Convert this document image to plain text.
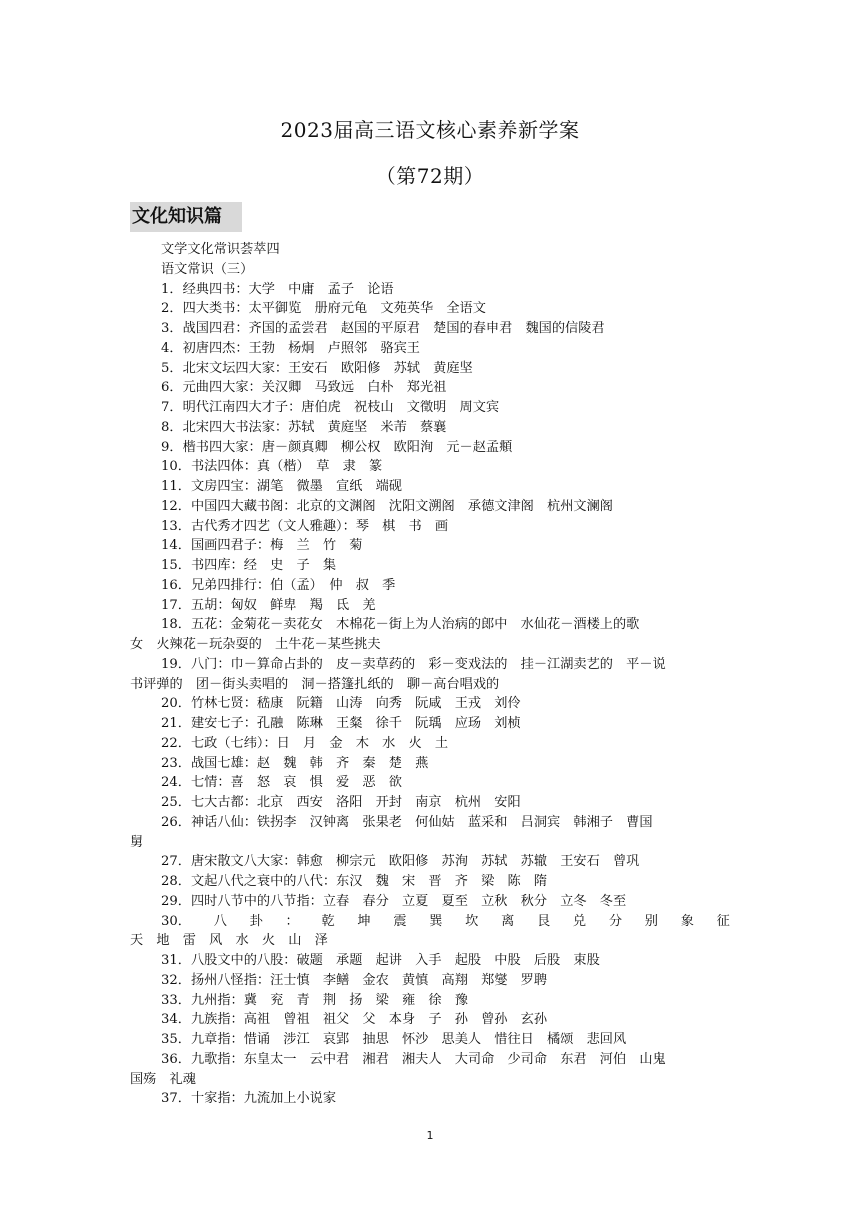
2023届高三语文核心素养新学案
（第72期）
文化知识篇
文学文化常识荟萃四
语文常识（三）
1．经典四书：大学　中庸　孟子　论语
2．四大类书：太平御览　册府元龟　文苑英华　全语文
3．战国四君：齐国的孟尝君　赵国的平原君　楚国的春申君　魏国的信陵君
4．初唐四杰：王勃　杨炯　卢照邻　骆宾王
5．北宋文坛四大家：王安石　欧阳修　苏轼　黄庭坚
6．元曲四大家：关汉卿　马致远　白朴　郑光祖
7．明代江南四大才子：唐伯虎　祝枝山　文徵明　周文宾
8．北宋四大书法家：苏轼　黄庭坚　米芾　蔡襄
9．楷书四大家：唐－颜真卿　柳公权　欧阳洵　元－赵孟頫
10．书法四体：真（楷）　草　隶　篆
11．文房四宝：湖笔　微墨　宣纸　端砚
12．中国四大藏书阁：北京的文渊阁　沈阳文溯阁　承德文津阁　杭州文澜阁
13．古代秀才四艺（文人雅趣）：琴　棋　书　画
14．国画四君子：梅　兰　竹　菊
15．书四库：经　史　子　集
16．兄弟四排行：伯（孟）　仲　叔　季
17．五胡：匈奴　鲜卑　羯　氐　羌
18．五花：金菊花－卖花女　木棉花－街上为人治病的郎中　水仙花－酒楼上的歌
女　火辣花－玩杂耍的　土牛花－某些挑夫
19．八门：巾－算命占卦的　皮－卖草药的　彩－变戏法的　挂－江湖卖艺的　平－说
书评弹的　团－街头卖唱的　洞－搭篷扎纸的　聊－高台唱戏的
20．竹林七贤：嵇康　阮籍　山涛　向秀　阮咸　王戎　刘伶
21．建安七子：孔融　陈琳　王粲　徐千　阮瑀　应玚　刘桢
22．七政（七纬）：日　月　金　木　水　火　土
23．战国七雄：赵　魏　韩　齐　秦　楚　燕
24．七情：喜　怒　哀　惧　爱　恶　欲
25．七大古都：北京　西安　洛阳　开封　南京　杭州　安阳
26．神话八仙：铁拐李　汉钟离　张果老　何仙姑　蓝采和　吕洞宾　韩湘子　曹国
舅
27．唐宋散文八大家：韩愈　柳宗元　欧阳修　苏洵　苏轼　苏辙　王安石　曾巩
28．文起八代之衰中的八代：东汉　魏　宋　晋　齐　梁　陈　隋
29．四时八节中的八节指：立春　春分　立夏　夏至　立秋　秋分　立冬　冬至
30． 八 卦 ： 乾 坤 震 巽 坎 离 艮 兑 分 别 象 征
天　地　雷　风　水　火　山　泽
31．八股文中的八股：破题　承题　起讲　入手　起股　中股　后股　束股
32．扬州八怪指：汪士慎　李鳝　金农　黄慎　高翔　郑燮　罗聘
33．九州指：冀　兖　青　荆　扬　梁　雍　徐　豫
34．九族指：高祖　曾祖　祖父　父　本身　子　孙　曾孙　玄孙
35．九章指：惜诵　涉江　哀郢　抽思　怀沙　思美人　惜往日　橘颂　悲回风
36．九歌指：东皇太一　云中君　湘君　湘夫人　大司命　少司命　东君　河伯　山鬼
国殇　礼魂
37．十家指：九流加上小说家
1
